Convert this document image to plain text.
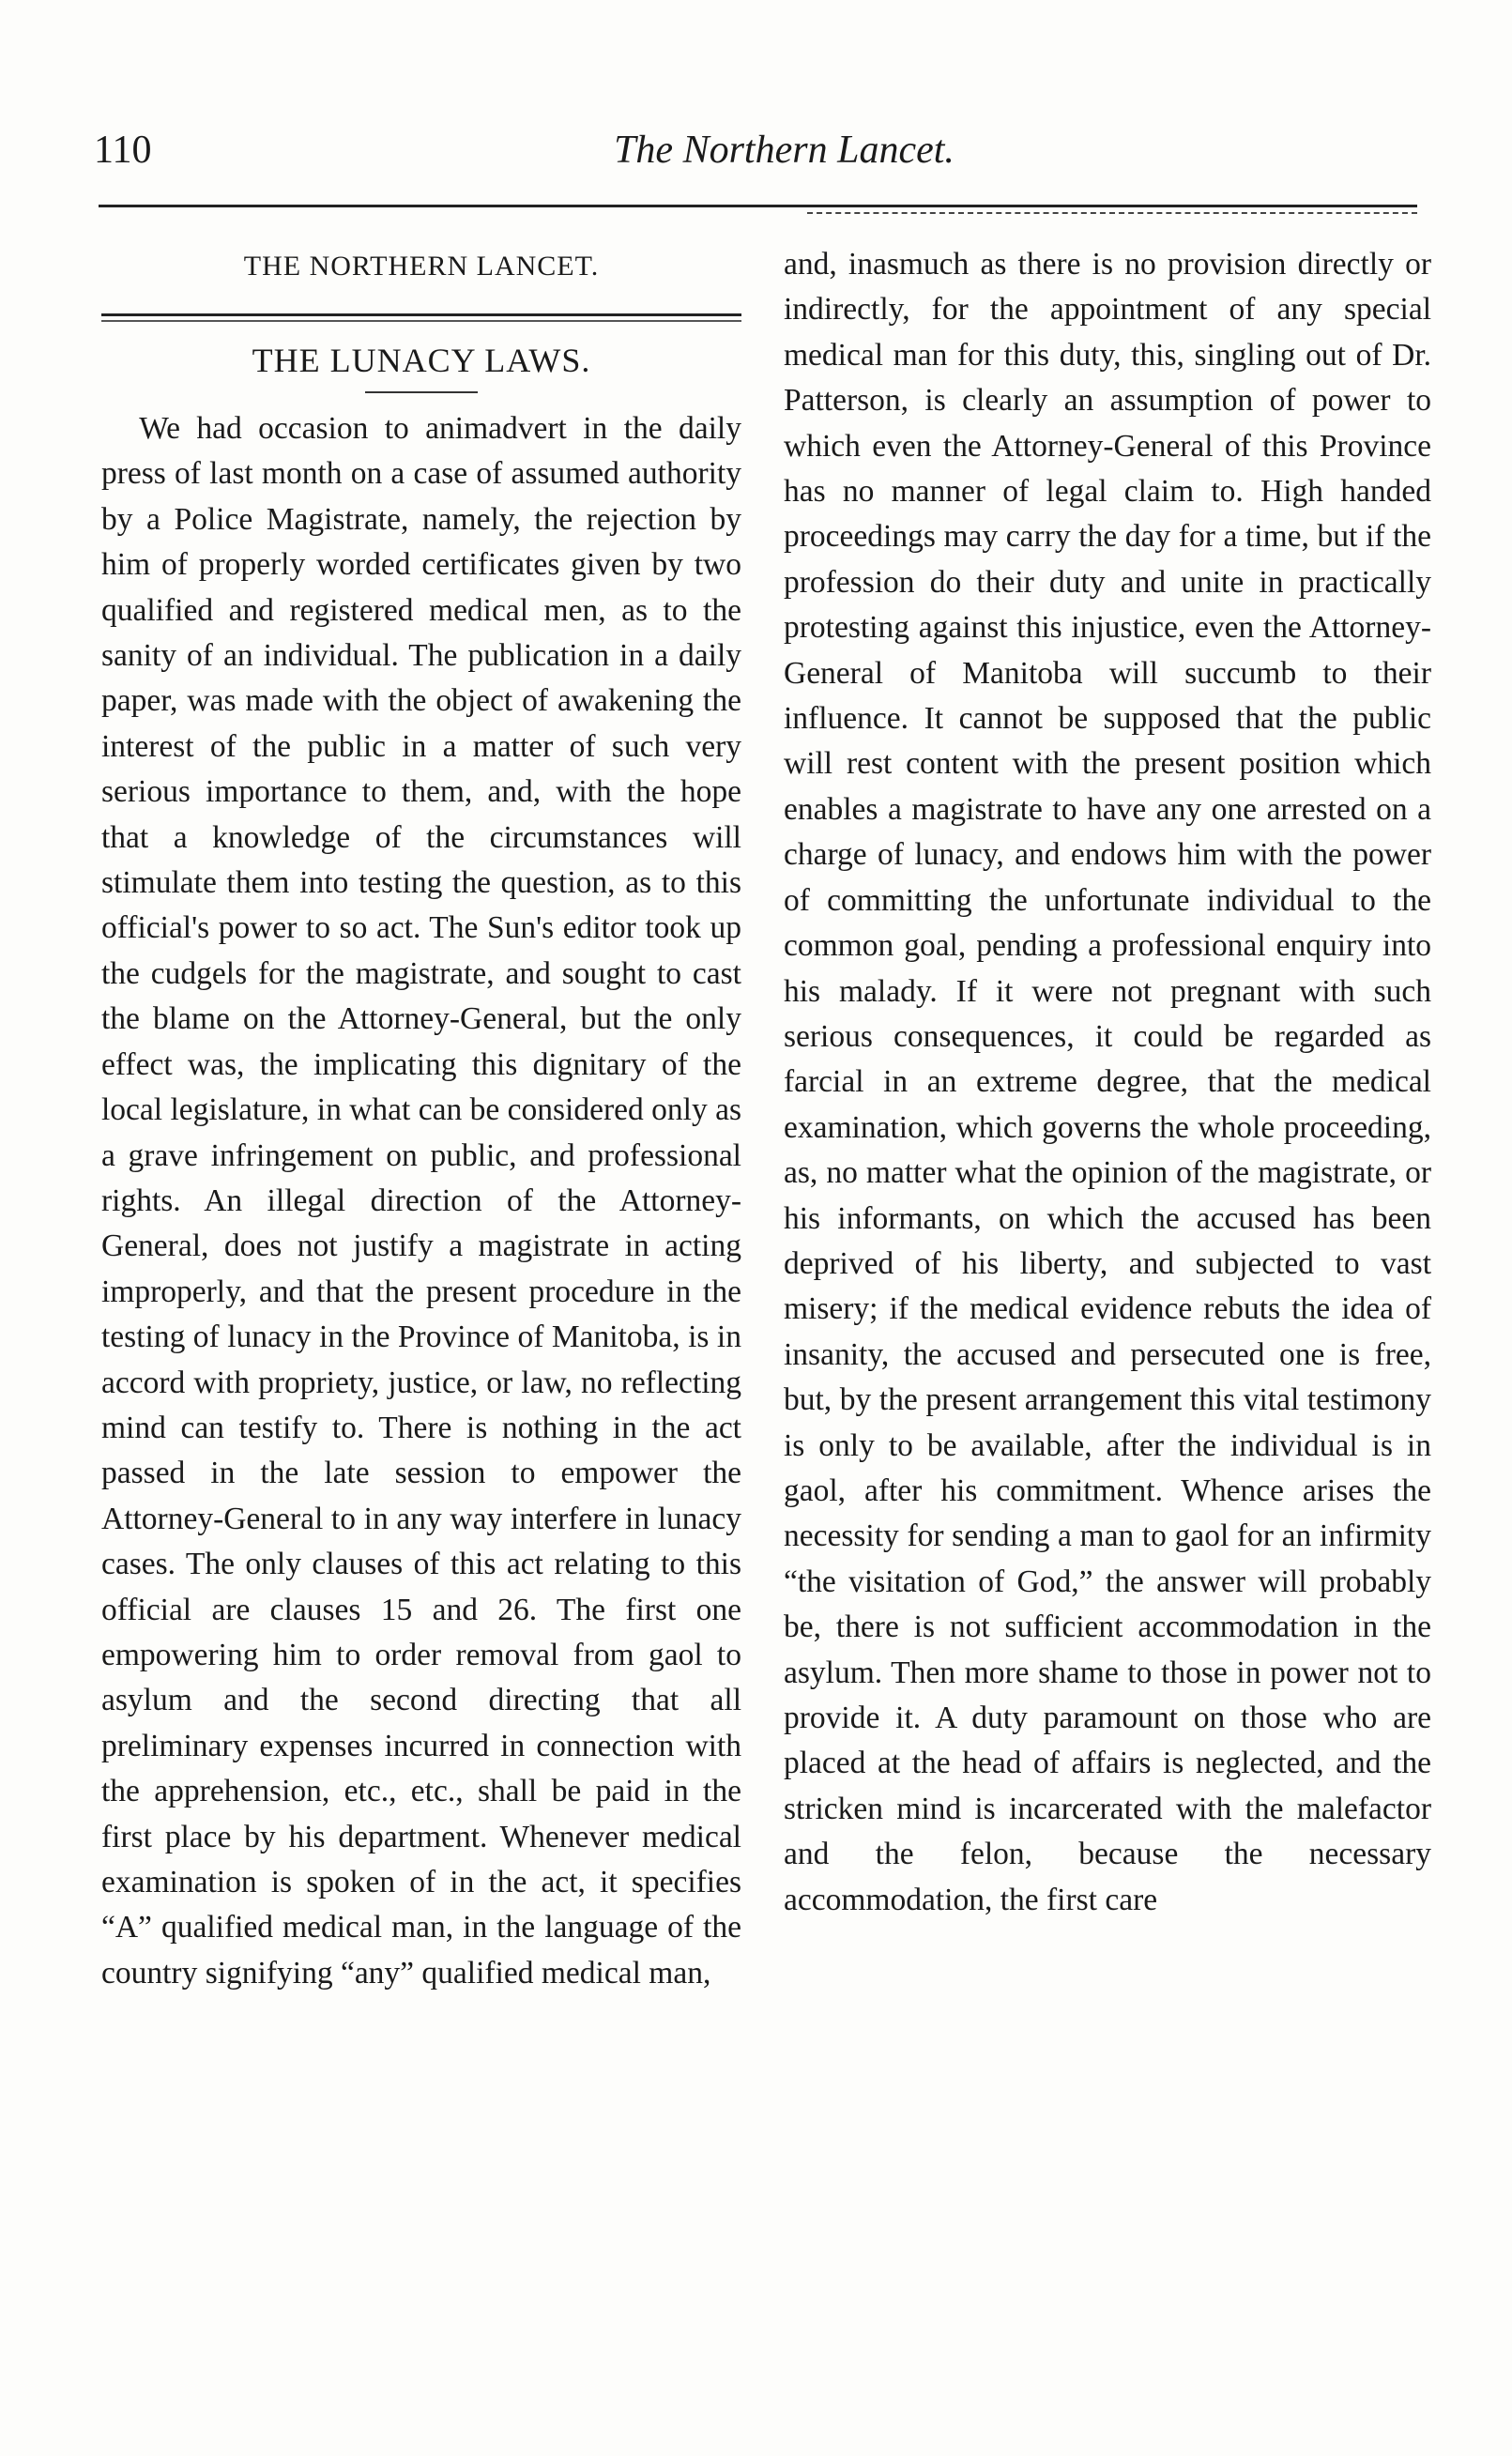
110	The Northern Lancet.
THE NORTHERN LANCET.
THE LUNACY LAWS.

We had occasion to animadvert in the daily press of last month on a case of assumed authority by a Police Magistrate, namely, the rejection by him of properly worded certificates given by two qualified and registered medical men, as to the sanity of an individual. The publication in a daily paper, was made with the object of awakening the interest of the public in a matter of such very serious importance to them, and, with the hope that a knowledge of the circumstances will stimulate them into testing the question, as to this official's power to so act. The Sun's editor took up the cudgels for the magistrate, and sought to cast the blame on the Attorney-General, but the only effect was, the implicating this dignitary of the local legislature, in what can be considered only as a grave infringement on public, and professional rights. An illegal direction of the Attorney-General, does not justify a magistrate in acting improperly, and that the present procedure in the testing of lunacy in the Province of Manitoba, is in accord with propriety, justice, or law, no reflecting mind can testify to. There is nothing in the act passed in the late session to empower the Attorney-General to in any way interfere in lunacy cases. The only clauses of this act relating to this official are clauses 15 and 26. The first one empowering him to order removal from gaol to asylum and the second directing that all preliminary expenses incurred in connection with the apprehension, etc., etc., shall be paid in the first place by his department. Whenever medical examination is spoken of in the act, it specifies “A” qualified medical man, in the language of the country signifying “any” qualified medical man,

and, inasmuch as there is no provision directly or indirectly, for the appointment of any special medical man for this duty, this, singling out of Dr. Patterson, is clearly an assumption of power to which even the Attorney-General of this Province has no manner of legal claim to. High handed proceedings may carry the day for a time, but if the profession do their duty and unite in practically protesting against this injustice, even the Attorney-General of Manitoba will succumb to their influence. It cannot be supposed that the public will rest content with the present position which enables a magistrate to have any one arrested on a charge of lunacy, and endows him with the power of committing the unfortunate individual to the common goal, pending a professional enquiry into his malady. If it were not pregnant with such serious consequences, it could be regarded as farcial in an extreme degree, that the medical examination, which governs the whole proceeding, as, no matter what the opinion of the magistrate, or his informants, on which the accused has been deprived of his liberty, and subjected to vast misery; if the medical evidence rebuts the idea of insanity, the accused and persecuted one is free, but, by the present arrangement this vital testimony is only to be available, after the individual is in gaol, after his commitment. Whence arises the necessity for sending a man to gaol for an infirmity “the visitation of God,” the answer will probably be, there is not sufficient accommodation in the asylum. Then more shame to those in power not to provide it. A duty paramount on those who are placed at the head of affairs is neglected, and the stricken mind is incarcerated with the malefactor and the felon, because the necessary accommodation, the first care
